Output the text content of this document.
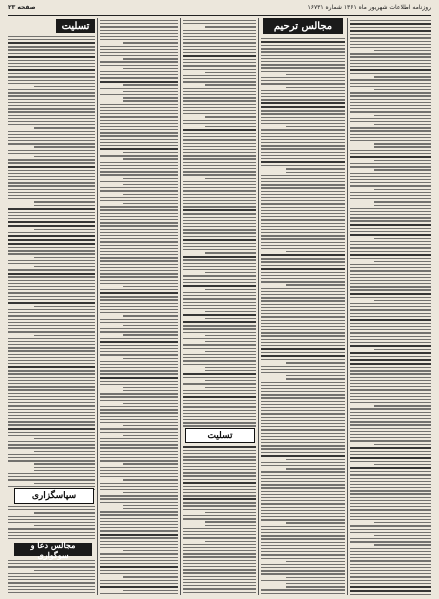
صفحه ۲۳	روزنامه اطلاعات شهریور ماه ۱۳۶۱ شماره ۱۶۷۳۱
تسلیت
سپاسگزاری
مجالس دعا و سوگواری
تسلیت
مجالس ترحیم
